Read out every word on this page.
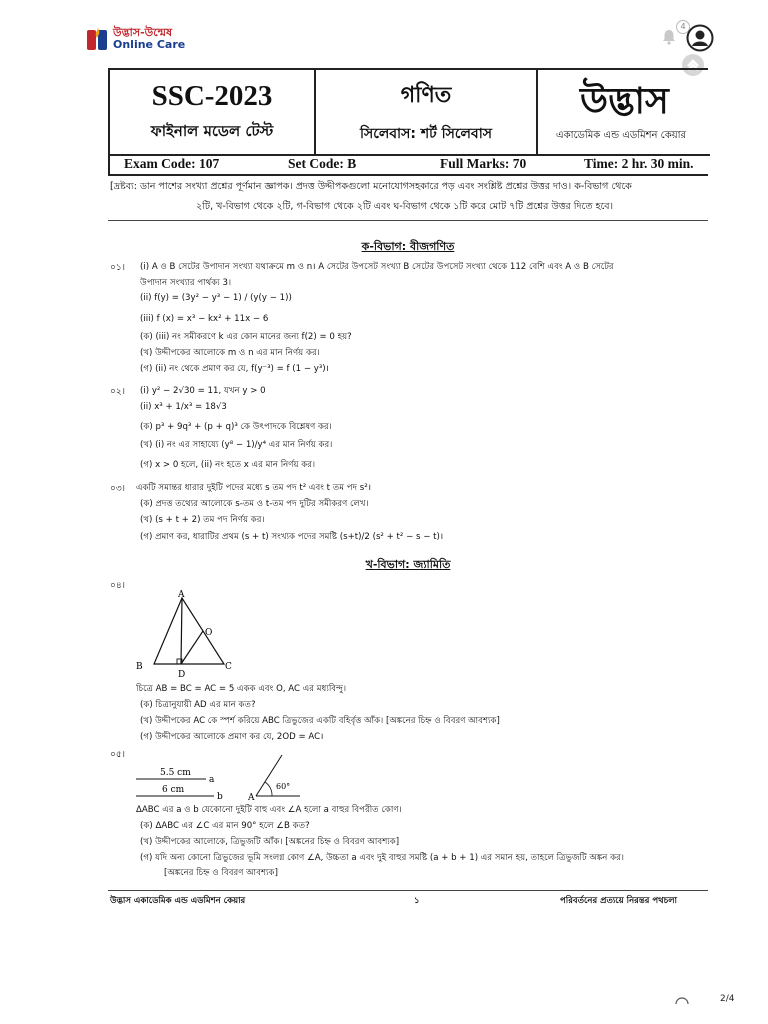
উদ্ভাস-উন্মেষ
Online Care
4
SSC-2023
ফাইনাল মডেল টেস্ট
গণিত
সিলেবাস: শর্ট সিলেবাস
উদ্ভাস
একাডেমিক এন্ড এডমিশন কেয়ার
Exam Code: 107	Set Code: B	Full Marks: 70	Time: 2 hr. 30 min.
[দ্রষ্টব্য: ডান পাশের সংখ্যা প্রশ্নের পূর্ণমান জ্ঞাপক। প্রদত্ত উদ্দীপকগুলো মনোযোগসহকারে পড় এবং সংশ্লিষ্ট প্রশ্নের উত্তর দাও। ক-বিভাগ থেকে
২টি, খ-বিভাগ থেকে ২টি, গ-বিভাগ থেকে ২টি এবং ঘ-বিভাগ থেকে ১টি করে মোট ৭টি প্রশ্নের উত্তর দিতে হবে।
ক-বিভাগ: বীজগণিত
০১। (i) A ও B সেটের উপাদান সংখ্যা যথাক্রমে m ও n। A সেটের উপসেট সংখ্যা B সেটের উপসেট সংখ্যা থেকে 112 বেশি এবং A ও B সেটের
উপাদান সংখ্যার পার্থক্য 3।
(ii) f(y) = (3y² − y³ − 1) / (y(y − 1))
(iii) f (x) = x³ − kx² + 11x − 6
(ক) (iii) নং সমীকরণে k এর কোন মানের জন্য f(2) = 0 হয়?
(খ) উদ্দীপকের আলোকে m ও n এর মান নির্ণয় কর।
(গ) (ii) নং থেকে প্রমাণ কর যে, f(y⁻³) = f (1 − y³)।
০২। (i) y² − 2√30 = 11, যখন y > 0
(ii) x³ + 1/x³ = 18√3
(ক) p³ + 9q³ + (p + q)³ কে উৎপাদকে বিশ্লেষণ কর।
(খ) (i) নং এর সাহায্যে (y⁸ − 1)/y⁴ এর মান নির্ণয় কর।
(গ) x > 0 হলে, (ii) নং হতে x এর মান নির্ণয় কর।
০৩। একটি সমান্তর ধারার দুইটি পদের মধ্যে s তম পদ t² এবং t তম পদ s²।
(ক) প্রদত্ত তথ্যের আলোকে s-তম ও t-তম পদ দুটির সমীকরণ লেখ।
(খ) (s + t + 2) তম পদ নির্ণয় কর।
(গ) প্রমাণ কর, ধারাটির প্রথম (s + t) সংখ্যক পদের সমষ্টি (s+t)/2 (s² + t² − s − t)।
খ-বিভাগ: জ্যামিতি
০৪।
A
O
B
D
C
চিত্রে AB = BC = AC = 5 একক এবং O, AC এর মধ্যবিন্দু।
(ক) চিত্রানুযায়ী AD এর মান কত?
(খ) উদ্দীপকের AC কে স্পর্শ করিয়ে ABC ত্রিভুজের একটি বহির্বৃত্ত আঁক। [অঙ্কনের চিহ্ন ও বিবরণ আবশ্যক]
(গ) উদ্দীপকের আলোকে প্রমাণ কর যে, 2OD = AC।
০৫।
5.5 cm
a
6 cm
b	A
60°
ΔABC এর a ও b যেকোনো দুইটি বাহু এবং ∠A হলো a বাহুর বিপরীত কোণ।
(ক) ΔABC এর ∠C এর মান 90° হলে ∠B কত?
(খ) উদ্দীপকের আলোকে, ত্রিভুজটি আঁক। [অঙ্কনের চিহ্ন ও বিবরণ আবশ্যক]
(গ) যদি অন্য কোনো ত্রিভুজের ভূমি সংলগ্ন কোণ ∠A, উচ্চতা a এবং দুই বাহুর সমষ্টি (a + b + 1) এর সমান হয়, তাহলে ত্রিভুজটি অঙ্কন কর।
[অঙ্কনের চিহ্ন ও বিবরণ আবশ্যক]
উদ্ভাস একাডেমিক এন্ড এডমিশন কেয়ার	১	পরিবর্তনের প্রত্যয়ে নিরন্তর পথচলা
2/4
